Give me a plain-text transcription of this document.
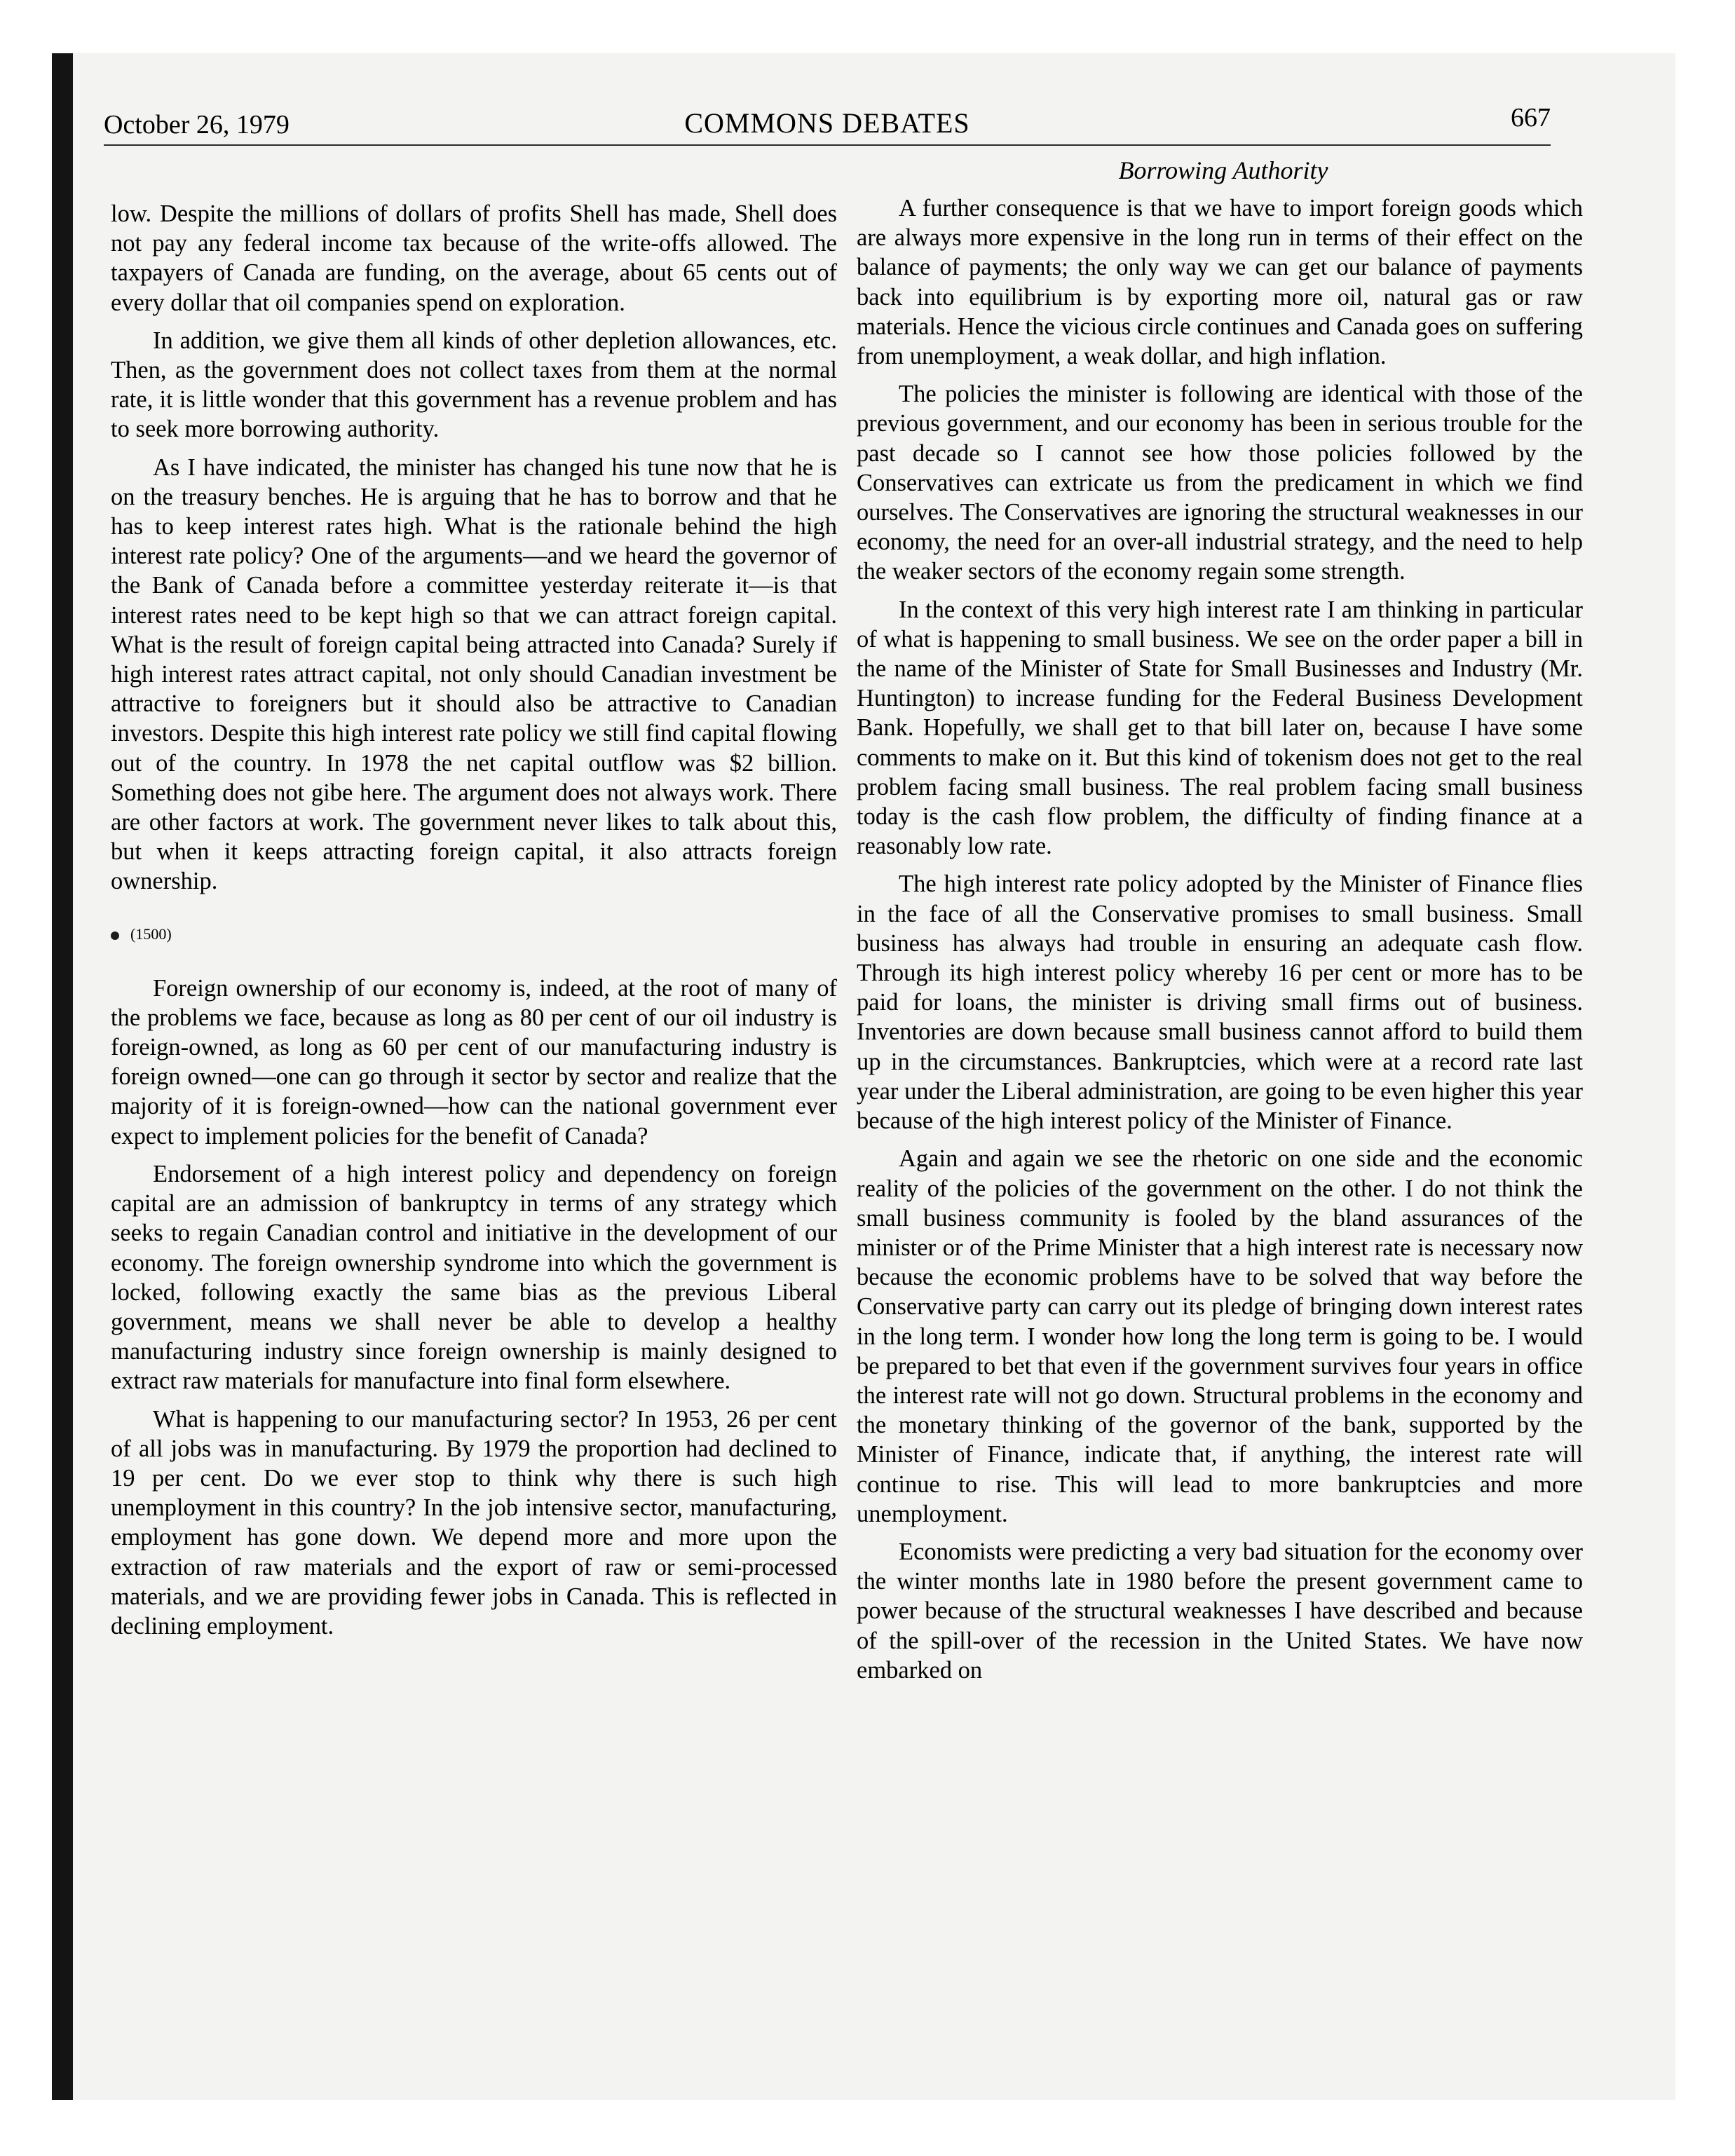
October 26, 1979	COMMONS DEBATES	667
Borrowing Authority

low. Despite the millions of dollars of profits Shell has made, Shell does not pay any federal income tax because of the write-offs allowed. The taxpayers of Canada are funding, on the average, about 65 cents out of every dollar that oil companies spend on exploration.

In addition, we give them all kinds of other depletion allowances, etc. Then, as the government does not collect taxes from them at the normal rate, it is little wonder that this government has a revenue problem and has to seek more borrowing authority.

As I have indicated, the minister has changed his tune now that he is on the treasury benches. He is arguing that he has to borrow and that he has to keep interest rates high. What is the rationale behind the high interest rate policy? One of the arguments—and we heard the governor of the Bank of Canada before a committee yesterday reiterate it—is that interest rates need to be kept high so that we can attract foreign capital. What is the result of foreign capital being attracted into Canada? Surely if high interest rates attract capital, not only should Canadian investment be attractive to foreigners but it should also be attractive to Canadian investors. Despite this high interest rate policy we still find capital flowing out of the country. In 1978 the net capital outflow was $2 billion. Something does not gibe here. The argument does not always work. There are other factors at work. The government never likes to talk about this, but when it keeps attracting foreign capital, it also attracts foreign ownership.

(1500)

Foreign ownership of our economy is, indeed, at the root of many of the problems we face, because as long as 80 per cent of our oil industry is foreign-owned, as long as 60 per cent of our manufacturing industry is foreign owned—one can go through it sector by sector and realize that the majority of it is foreign-owned—how can the national government ever expect to implement policies for the benefit of Canada?

Endorsement of a high interest policy and dependency on foreign capital are an admission of bankruptcy in terms of any strategy which seeks to regain Canadian control and initiative in the development of our economy. The foreign ownership syndrome into which the government is locked, following exactly the same bias as the previous Liberal government, means we shall never be able to develop a healthy manufacturing industry since foreign ownership is mainly designed to extract raw materials for manufacture into final form elsewhere.

What is happening to our manufacturing sector? In 1953, 26 per cent of all jobs was in manufacturing. By 1979 the proportion had declined to 19 per cent. Do we ever stop to think why there is such high unemployment in this country? In the job intensive sector, manufacturing, employment has gone down. We depend more and more upon the extraction of raw materials and the export of raw or semi-processed materials, and we are providing fewer jobs in Canada. This is reflected in declining employment.

A further consequence is that we have to import foreign goods which are always more expensive in the long run in terms of their effect on the balance of payments; the only way we can get our balance of payments back into equilibrium is by exporting more oil, natural gas or raw materials. Hence the vicious circle continues and Canada goes on suffering from unemployment, a weak dollar, and high inflation.

The policies the minister is following are identical with those of the previous government, and our economy has been in serious trouble for the past decade so I cannot see how those policies followed by the Conservatives can extricate us from the predicament in which we find ourselves. The Conservatives are ignoring the structural weaknesses in our economy, the need for an over-all industrial strategy, and the need to help the weaker sectors of the economy regain some strength.

In the context of this very high interest rate I am thinking in particular of what is happening to small business. We see on the order paper a bill in the name of the Minister of State for Small Businesses and Industry (Mr. Huntington) to increase funding for the Federal Business Development Bank. Hopefully, we shall get to that bill later on, because I have some comments to make on it. But this kind of tokenism does not get to the real problem facing small business. The real problem facing small business today is the cash flow problem, the difficulty of finding finance at a reasonably low rate.

The high interest rate policy adopted by the Minister of Finance flies in the face of all the Conservative promises to small business. Small business has always had trouble in ensuring an adequate cash flow. Through its high interest policy whereby 16 per cent or more has to be paid for loans, the minister is driving small firms out of business. Inventories are down because small business cannot afford to build them up in the circumstances. Bankruptcies, which were at a record rate last year under the Liberal administration, are going to be even higher this year because of the high interest policy of the Minister of Finance.

Again and again we see the rhetoric on one side and the economic reality of the policies of the government on the other. I do not think the small business community is fooled by the bland assurances of the minister or of the Prime Minister that a high interest rate is necessary now because the economic problems have to be solved that way before the Conservative party can carry out its pledge of bringing down interest rates in the long term. I wonder how long the long term is going to be. I would be prepared to bet that even if the government survives four years in office the interest rate will not go down. Structural problems in the economy and the monetary thinking of the governor of the bank, supported by the Minister of Finance, indicate that, if anything, the interest rate will continue to rise. This will lead to more bankruptcies and more unemployment.

Economists were predicting a very bad situation for the economy over the winter months late in 1980 before the present government came to power because of the structural weaknesses I have described and because of the spill-over of the recession in the United States. We have now embarked on
